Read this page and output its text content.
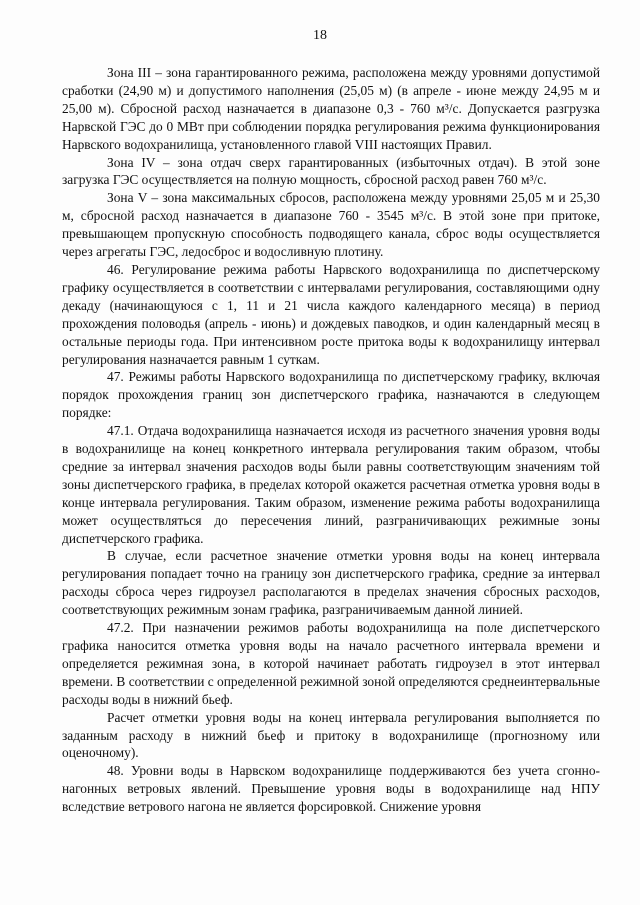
18

Зона III – зона гарантированного режима, расположена между уровнями допустимой сработки (24,90 м) и допустимого наполнения (25,05 м) (в апреле - июне между 24,95 м и 25,00 м). Сбросной расход назначается в диапазоне 0,3 - 760 м³/с. Допускается разгрузка Нарвской ГЭС до 0 МВт при соблюдении порядка регулирования режима функционирования Нарвского водохранилища, установленного главой VIII настоящих Правил.

Зона IV – зона отдач сверх гарантированных (избыточных отдач). В этой зоне загрузка ГЭС осуществляется на полную мощность, сбросной расход равен 760 м³/с.

Зона V – зона максимальных сбросов, расположена между уровнями 25,05 м и 25,30 м, сбросной расход назначается в диапазоне 760 - 3545 м³/с. В этой зоне при притоке, превышающем пропускную способность подводящего канала, сброс воды осуществляется через агрегаты ГЭС, ледосброс и водосливную плотину.

46. Регулирование режима работы Нарвского водохранилища по диспетчерскому графику осуществляется в соответствии с интервалами регулирования, составляющими одну декаду (начинающуюся с 1, 11 и 21 числа каждого календарного месяца) в период прохождения половодья (апрель - июнь) и дождевых паводков, и один календарный месяц в остальные периоды года. При интенсивном росте притока воды к водохранилищу интервал регулирования назначается равным 1 суткам.

47. Режимы работы Нарвского водохранилища по диспетчерскому графику, включая порядок прохождения границ зон диспетчерского графика, назначаются в следующем порядке:

47.1. Отдача водохранилища назначается исходя из расчетного значения уровня воды в водохранилище на конец конкретного интервала регулирования таким образом, чтобы средние за интервал значения расходов воды были равны соответствующим значениям той зоны диспетчерского графика, в пределах которой окажется расчетная отметка уровня воды в конце интервала регулирования. Таким образом, изменение режима работы водохранилища может осуществляться до пересечения линий, разграничивающих режимные зоны диспетчерского графика.

В случае, если расчетное значение отметки уровня воды на конец интервала регулирования попадает точно на границу зон диспетчерского графика, средние за интервал расходы сброса через гидроузел располагаются в пределах значения сбросных расходов, соответствующих режимным зонам графика, разграничиваемым данной линией.

47.2. При назначении режимов работы водохранилища на поле диспетчерского графика наносится отметка уровня воды на начало расчетного интервала времени и определяется режимная зона, в которой начинает работать гидроузел в этот интервал времени. В соответствии с определенной режимной зоной определяются среднеинтервальные расходы воды в нижний бьеф.

Расчет отметки уровня воды на конец интервала регулирования выполняется по заданным расходу в нижний бьеф и притоку в водохранилище (прогнозному или оценочному).

48. Уровни воды в Нарвском водохранилище поддерживаются без учета сгонно-нагонных ветровых явлений. Превышение уровня воды в водохранилище над НПУ вследствие ветрового нагона не является форсировкой. Снижение уровня
